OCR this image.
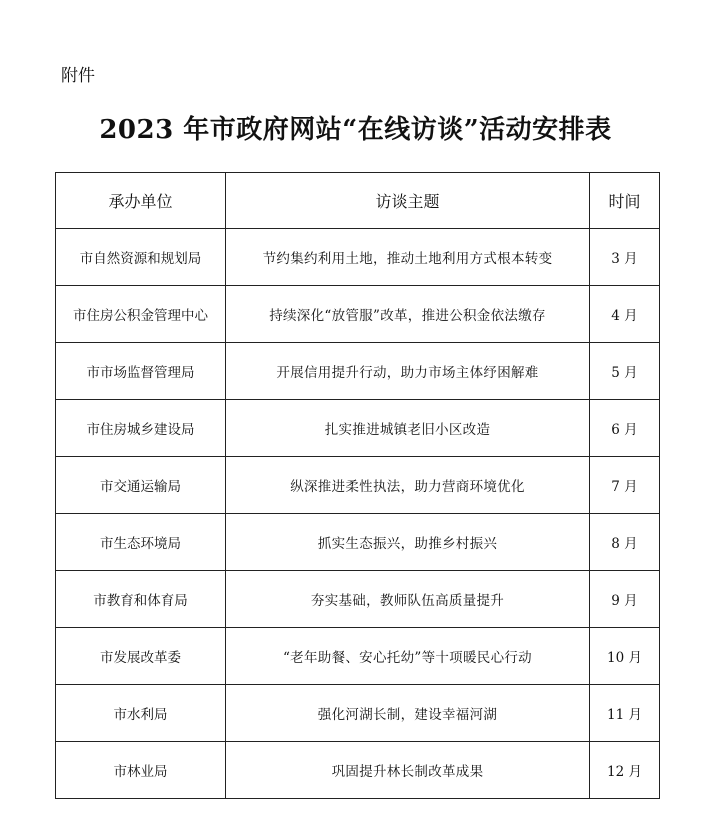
附件
2023 年市政府网站“在线访谈”活动安排表
承办单位	访谈主题	时间
市自然资源和规划局	节约集约利用土地，推动土地利用方式根本转变	3 月
市住房公积金管理中心	持续深化“放管服”改革，推进公积金依法缴存	4 月
市市场监督管理局	开展信用提升行动，助力市场主体纾困解难	5 月
市住房城乡建设局	扎实推进城镇老旧小区改造	6 月
市交通运输局	纵深推进柔性执法，助力营商环境优化	7 月
市生态环境局	抓实生态振兴，助推乡村振兴	8 月
市教育和体育局	夯实基础，教师队伍高质量提升	9 月
市发展改革委	“老年助餐、安心托幼”等十项暖民心行动	10 月
市水利局	强化河湖长制，建设幸福河湖	11 月
市林业局	巩固提升林长制改革成果	12 月
